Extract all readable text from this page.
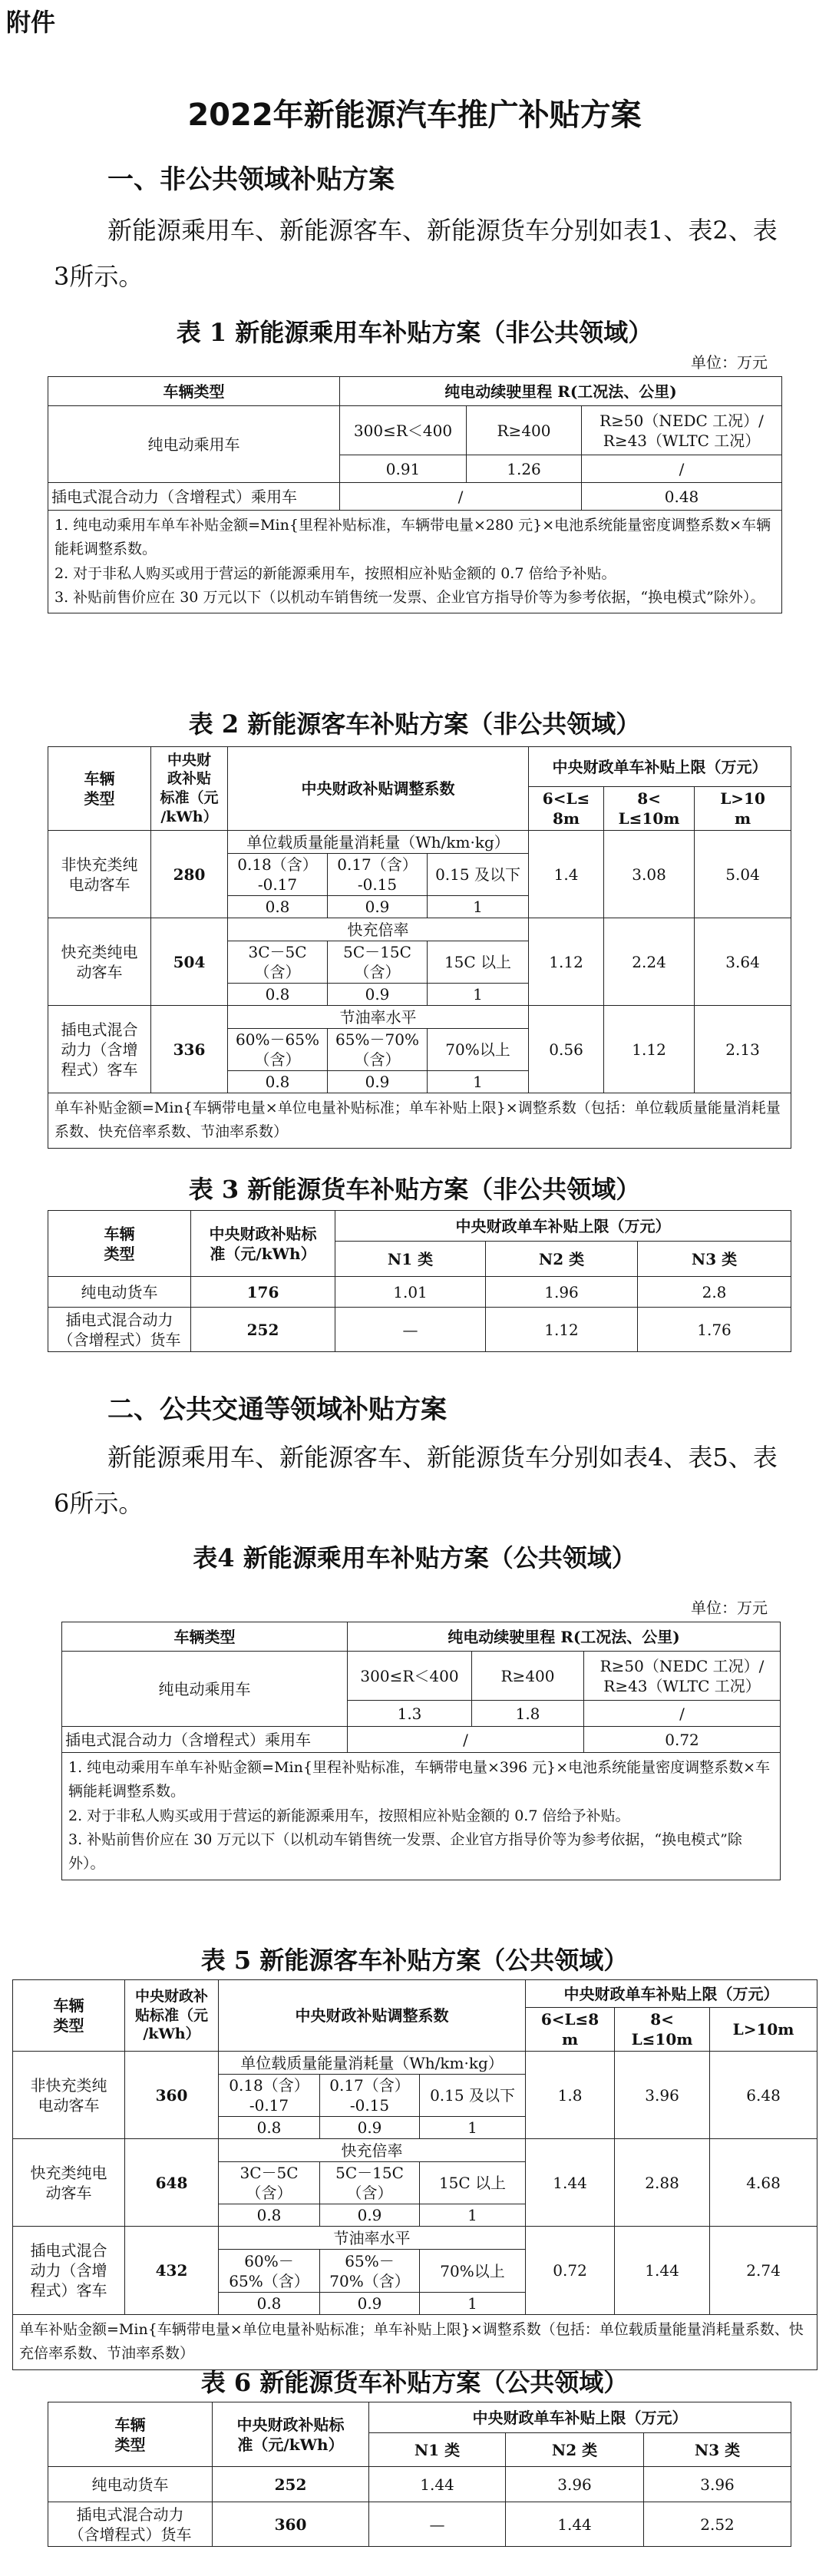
附件
2022年新能源汽车推广补贴方案
一、非公共领域补贴方案
新能源乘用车、新能源客车、新能源货车分别如表1、表2、表3所示。
表 1 新能源乘用车补贴方案（非公共领域）
单位：万元
车辆类型	纯电动续驶里程 R(工况法、公里)		
纯电动乘用车	300≤R＜400	R≥400	R≥50（NEDC 工况）/
R≥43（WLTC 工况）
	0.91	1.26	/
插电式混合动力（含增程式）乘用车	/		0.48

1. 纯电动乘用车单车补贴金额=Min{里程补贴标准，车辆带电量×280 元}×电池系统能量密度调整系数×车辆能耗调整系数。
2. 对于非私人购买或用于营运的新能源乘用车，按照相应补贴金额的 0.7 倍给予补贴。
3. 补贴前售价应在 30 万元以下（以机动车销售统一发票、企业官方指导价等为参考依据，“换电模式”除外）。			
表 2 新能源客车补贴方案（非公共领域）
车辆
类型	中央财
政补贴
标准（元
/kWh）	中央财政补贴调整系数			中央财政单车补贴上限（万元）		
					6<L≤
8m	8<
L≤10m	L>10
m
非快充类纯
电动客车	280	单位载质量能量消耗量（Wh/km·kg）			1.4	3.08	5.04
		0.18（含）
-0.17	0.17（含）
-0.15	0.15 及以下			
		0.8	0.9	1			
快充类纯电
动客车	504	快充倍率			1.12	2.24	3.64
		3C－5C
（含）	5C－15C
（含）	15C 以上			
		0.8	0.9	1			
插电式混合
动力（含增
程式）客车	336	节油率水平			0.56	1.12	2.13
		60%－65%
（含）	65%－70%
（含）	70%以上			
		0.8	0.9	1			
单车补贴金额=Min{车辆带电量×单位电量补贴标准；单车补贴上限}×调整系数（包括：单位载质量能量消耗量系数、快充倍率系数、节油率系数）							
表 3 新能源货车补贴方案（非公共领域）
车辆
类型	中央财政补贴标
准（元/kWh）	中央财政单车补贴上限（万元）		
		N1 类	N2 类	N3 类
纯电动货车	176	1.01	1.96	2.8
插电式混合动力
（含增程式）货车	252	—	1.12	1.76
二、公共交通等领域补贴方案
新能源乘用车、新能源客车、新能源货车分别如表4、表5、表6所示。
表4 新能源乘用车补贴方案（公共领域）
单位：万元
车辆类型	纯电动续驶里程 R(工况法、公里)		
纯电动乘用车	300≤R＜400	R≥400	R≥50（NEDC 工况）/
R≥43（WLTC 工况）
	1.3	1.8	/
插电式混合动力（含增程式）乘用车	/		0.72

1. 纯电动乘用车单车补贴金额=Min{里程补贴标准，车辆带电量×396 元}×电池系统能量密度调整系数×车辆能耗调整系数。
2. 对于非私人购买或用于营运的新能源乘用车，按照相应补贴金额的 0.7 倍给予补贴。
3. 补贴前售价应在 30 万元以下（以机动车销售统一发票、企业官方指导价等为参考依据，“换电模式”除外）。			
表 5 新能源客车补贴方案（公共领域）
车辆
类型	中央财政补
贴标准（元
/kWh）	中央财政补贴调整系数			中央财政单车补贴上限（万元）		
					6<L≤8
m	8<
L≤10m	L>10m
非快充类纯
电动客车	360	单位载质量能量消耗量（Wh/km·kg）			1.8	3.96	6.48
		0.18（含）
-0.17	0.17（含）
-0.15	0.15 及以下			
		0.8	0.9	1			
快充类纯电
动客车	648	快充倍率			1.44	2.88	4.68
		3C－5C
（含）	5C－15C
（含）	15C 以上			
		0.8	0.9	1			
插电式混合
动力（含增
程式）客车	432	节油率水平			0.72	1.44	2.74
		60%－
65%（含）	65%－
70%（含）	70%以上			
		0.8	0.9	1			
单车补贴金额=Min{车辆带电量×单位电量补贴标准；单车补贴上限}×调整系数（包括：单位载质量能量消耗量系数、快充倍率系数、节油率系数）							
表 6 新能源货车补贴方案（公共领域）
车辆
类型	中央财政补贴标
准（元/kWh）	中央财政单车补贴上限（万元）		
		N1 类	N2 类	N3 类
纯电动货车	252	1.44	3.96	3.96
插电式混合动力
（含增程式）货车	360	—	1.44	2.52
